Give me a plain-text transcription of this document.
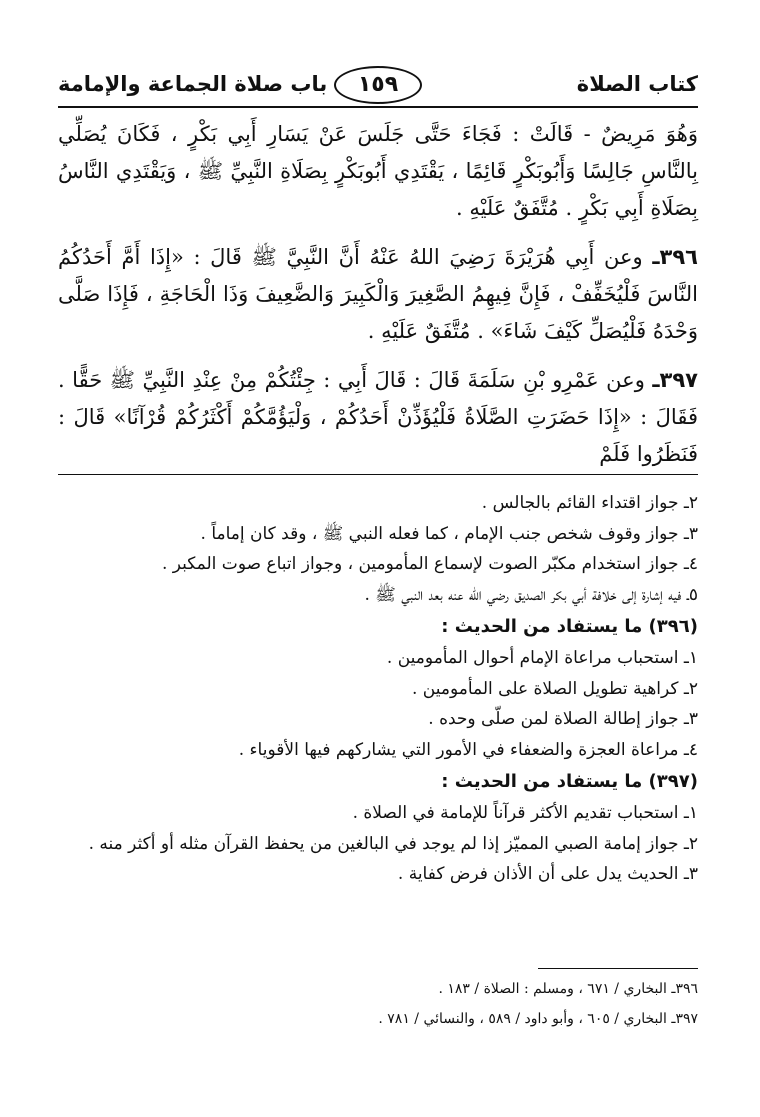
كتاب الصلاة
١٥٩
باب صلاة الجماعة والإمامة

وَهُوَ مَرِيضٌ - قَالَتْ : فَجَاءَ حَتَّى جَلَسَ عَنْ يَسَارِ أَبِي بَكْرٍ ، فَكَانَ يُصَلِّي بِالنَّاسِ جَالِسًا وَأَبُوبَكْرٍ قَائِمًا ، يَقْتَدِي أَبُوبَكْرٍ بِصَلَاةِ النَّبِيِّ ﷺ ، وَيَقْتَدِي النَّاسُ بِصَلَاةِ أَبِي بَكْرٍ . مُتَّفَقٌ عَلَيْهِ .

٣٩٦ـ وعن أَبِي هُرَيْرَةَ رَضِيَ اللهُ عَنْهُ أَنَّ النَّبِيَّ ﷺ قَالَ : «إِذَا أَمَّ أَحَدُكُمُ النَّاسَ فَلْيُخَفِّفْ ، فَإِنَّ فِيهِمُ الصَّغِيرَ وَالْكَبِيرَ وَالضَّعِيفَ وَذَا الْحَاجَةِ ، فَإِذَا صَلَّى وَحْدَهُ فَلْيُصَلِّ كَيْفَ شَاءَ» . مُتَّفَقٌ عَلَيْهِ .

٣٩٧ـ وعن عَمْرِو بْنِ سَلَمَةَ قَالَ : قَالَ أَبِي : جِئْتُكُمْ مِنْ عِنْدِ النَّبِيِّ ﷺ حَقًّا . فَقَالَ : «إِذَا حَضَرَتِ الصَّلَاةُ فَلْيُؤَذِّنْ أَحَدُكُمْ ، وَلْيَؤُمَّكُمْ أَكْثَرُكُمْ قُرْآنًا» قَالَ : فَنَظَرُوا فَلَمْ

٢ـ جواز اقتداء القائم بالجالس .

٣ـ جواز وقوف شخص جنب الإمام ، كما فعله النبي ﷺ ، وقد كان إماماً .

٤ـ جواز استخدام مكبّر الصوت لإسماع المأمومين ، وجواز اتباع صوت المكبر .

٥ـ فيه إشارة إلى خلافة أبي بكر الصديق رضي الله عنه بعد النبي ﷺ .

(٣٩٦) ما يستفاد من الحديث :

١ـ استحباب مراعاة الإمام أحوال المأمومين .

٢ـ كراهية تطويل الصلاة على المأمومين .

٣ـ جواز إطالة الصلاة لمن صلّى وحده .

٤ـ مراعاة العجزة والضعفاء في الأمور التي يشاركهم فيها الأقوياء .

(٣٩٧) ما يستفاد من الحديث :

١ـ استحباب تقديم الأكثر قرآناً للإمامة في الصلاة .

٢ـ جواز إمامة الصبي المميّز إذا لم يوجد في البالغين من يحفظ القرآن مثله أو أكثر منه .

٣ـ الحديث يدل على أن الأذان فرض كفاية .

٣٩٦ـ البخاري / ٦٧١ ، ومسلم : الصلاة / ١٨٣ .

٣٩٧ـ البخاري / ٦٠٥ ، وأبو داود / ٥٨٩ ، والنسائي / ٧٨١ .
